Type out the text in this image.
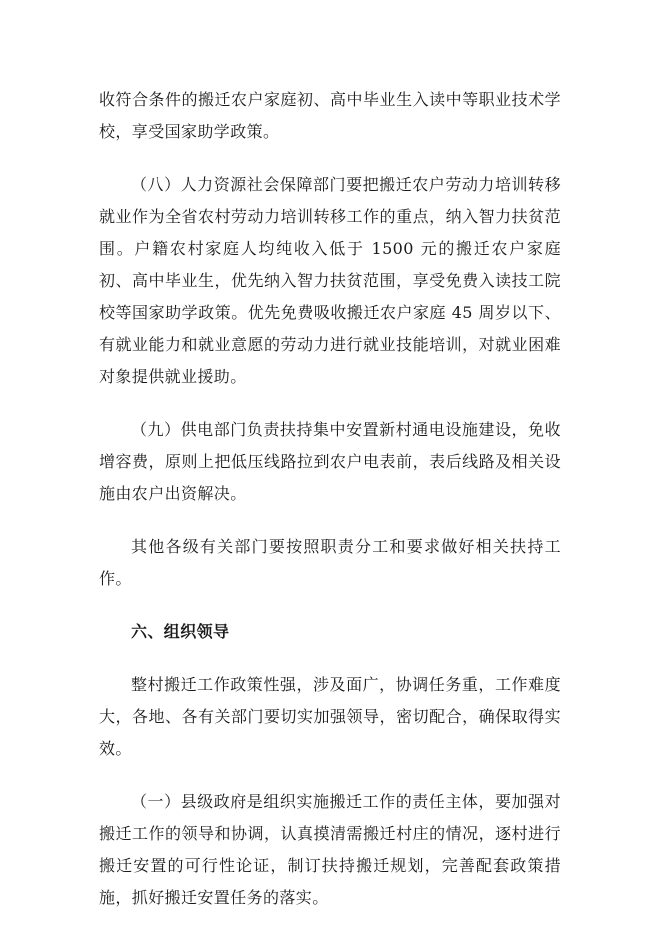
收符合条件的搬迁农户家庭初、高中毕业生入读中等职业技术学校，享受国家助学政策。

（八）人力资源社会保障部门要把搬迁农户劳动力培训转移就业作为全省农村劳动力培训转移工作的重点，纳入智力扶贫范围。户籍农村家庭人均纯收入低于 1500 元的搬迁农户家庭初、高中毕业生，优先纳入智力扶贫范围，享受免费入读技工院校等国家助学政策。优先免费吸收搬迁农户家庭 45 周岁以下、有就业能力和就业意愿的劳动力进行就业技能培训，对就业困难对象提供就业援助。

（九）供电部门负责扶持集中安置新村通电设施建设，免收增容费，原则上把低压线路拉到农户电表前，表后线路及相关设施由农户出资解决。

其他各级有关部门要按照职责分工和要求做好相关扶持工作。

六、组织领导

整村搬迁工作政策性强，涉及面广，协调任务重，工作难度大，各地、各有关部门要切实加强领导，密切配合，确保取得实效。

（一）县级政府是组织实施搬迁工作的责任主体，要加强对搬迁工作的领导和协调，认真摸清需搬迁村庄的情况，逐村进行搬迁安置的可行性论证，制订扶持搬迁规划，完善配套政策措施，抓好搬迁安置任务的落实。
